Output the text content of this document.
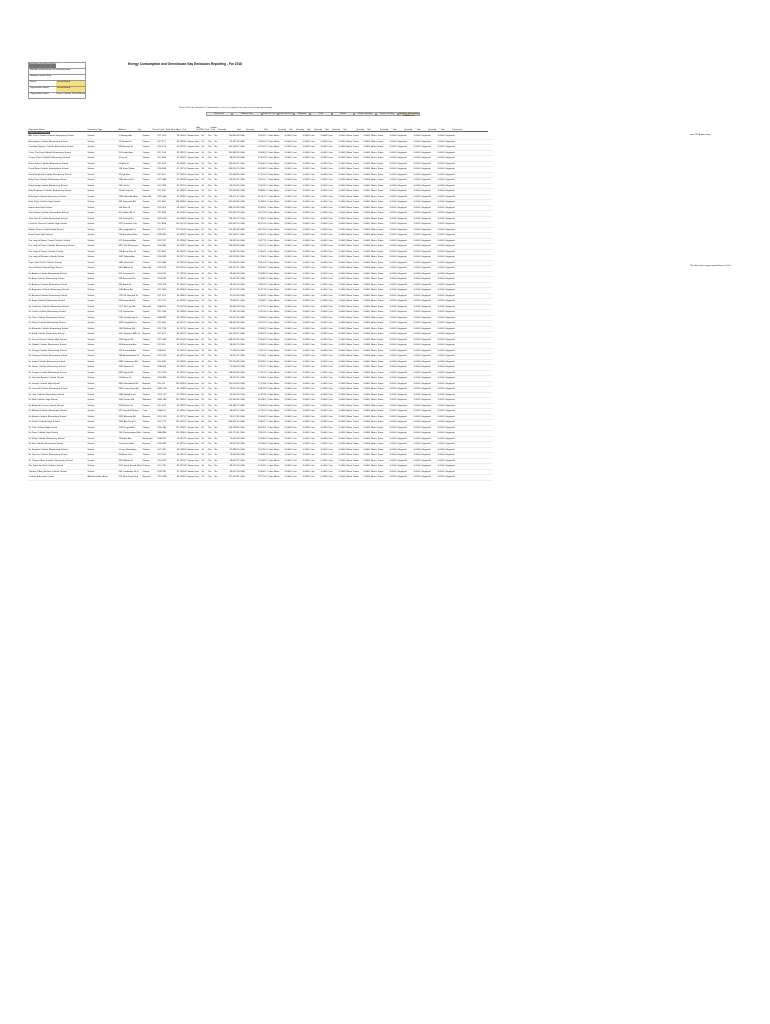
Energy Consumption and Greenhouse Gas Emissions Reporting - For 2018
Data Collection period ending 2018
Identifier entered here: for checking email
Building (Grand Total)
Sector	School Board
Organization Name	School Board
Organization Name	Ottawa Catholic School Board
Please fill in the worksheet. If information is not in as asked or left, please enter appropriate data.
Electricity	Natural Gas	Fuel Oil 1 & 2	Fuel Oil 4 & 6	Propane	Coal	Wood	District Heating	District Cooling	Building Information (additional)
Operation Name	Operation Type	Address	City	Postal Code	Total Floor Area	Unit	Avg Hrs/Wk	Pool	Indoor Pool	Quantity	Unit	Quantity	Unit	Quantity	Unit	Quantity	Unit	Quantity	Unit	Quantity	Unit	Quantity	Unit	Quantity	Unit	Quantity	Unit	Quantity	Unit	Comments
Ottawa School Board
Alta Vista / Ottawa Catholic Elementary School	School	1 Glenayr Ave	Ottawa	K1T 1K3	38 1982.5	Square feet	50	No	No	130,834.08	kWh	19,452.7	Cubic Metre	0.0000	Litre	0.0000	Litre	0.0000	Litre	0.0000	Metric Tonne	0.0000	Metric Tonne	0.0000	Gigajoule	0.0000	Gigajoule	0.0000	Gigajoule	
Assumption Catholic Elementary School	School	13 Stewart Dr	Ottawa	K1T 3T1	36 1983.0	Square feet	50	No	No	92,432.58	kWh	13,641.2	Cubic Metre	0.0000	Litre	0.0000	Litre	0.0000	Litre	0.0000	Metric Tonne	0.0000	Metric Tonne	0.0000	Gigajoule	0.0000	Gigajoule	0.0000	Gigajoule	
Canadian Martyrs Catholic Elementary School	School	93 Marengo St	Ottawa	K1S 1V3	42 1979.5	Square feet	50	No	No	141,206.27	kWh	22,118.5	Cubic Metre	0.0000	Litre	0.0000	Litre	0.0000	Litre	0.0000	Metric Tonne	0.0000	Metric Tonne	0.0000	Gigajoule	0.0000	Gigajoule	0.0000	Gigajoule	
Christ The King Catholic Elementary School	School	70 Guilder Ave	Ottawa	K2J 1G4	39 1987.0	Square feet	50	No	No	101,882.49	kWh	16,530.3	Cubic Metre	0.0000	Litre	0.0000	Litre	0.0000	Litre	0.0000	Metric Tonne	0.0000	Metric Tonne	0.0000	Gigajoule	0.0000	Gigajoule	0.0000	Gigajoule	
Corpus Christi Catholic Elementary School	School	9 Ling St	Ottawa	K1L 8N5	32 1984.2	Square feet	50	No	No	88,610.34	kWh	12,907.8	Cubic Metre	0.0000	Litre	0.0000	Litre	0.0000	Litre	0.0000	Metric Tonne	0.0000	Metric Tonne	0.0000	Gigajoule	0.0000	Gigajoule	0.0000	Gigajoule	
Divine Infant Catholic Elementary School	School	6 Hobin St	Ottawa	K2J 5C8	45 1998.1	Square feet	50	No	No	156,420.11	kWh	24,066.0	Cubic Metre	0.0000	Litre	0.0000	Litre	0.0000	Litre	0.0000	Metric Tonne	0.0000	Metric Tonne	0.0000	Gigajoule	0.0000	Gigajoule	0.0000	Gigajoule	
Frank Ryan Catholic Intermediate School	School	128 Saint Urbain	Ottawa	K2E 6B4	61 1971.4	Square feet	55	No	No	264,915.73	kWh	38,740.6	Cubic Metre	0.0000	Litre	0.0000	Litre	0.0000	Litre	0.0000	Metric Tonne	0.0000	Metric Tonne	0.0000	Gigajoule	0.0000	Gigajoule	0.0000	Gigajoule	
Good Shepherd Catholic Elementary School	School	26 Kyle Ave	Ottawa	K2J 4L5	37 1995.6	Square feet	50	No	No	112,548.90	kWh	17,203.4	Cubic Metre	0.0000	Litre	0.0000	Litre	0.0000	Litre	0.0000	Metric Tonne	0.0000	Metric Tonne	0.0000	Gigajoule	0.0000	Gigajoule	0.0000	Gigajoule	
Holy Cross Catholic Elementary School	School	1485 Heron Rd	Ottawa	K1V 6A6	40 1969.8	Square feet	50	No	No	119,332.02	kWh	20,511.7	Cubic Metre	0.0000	Litre	0.0000	Litre	0.0000	Litre	0.0000	Metric Tonne	0.0000	Metric Tonne	0.0000	Gigajoule	0.0000	Gigajoule	0.0000	Gigajoule	
Holy Family Catholic Elementary School	School	245 Owl Dr	Ottawa	K1V 9K3	35 1976.3	Square feet	50	No	No	96,214.65	kWh	15,024.9	Cubic Metre	0.0000	Litre	0.0000	Litre	0.0000	Litre	0.0000	Metric Tonne	0.0000	Metric Tonne	0.0000	Gigajoule	0.0000	Gigajoule	0.0000	Gigajoule	
Holy Redeemer Catholic Elementary School	School	75 McCurdy Dr	Kanata	K2L 2Z6	41 1985.9	Square feet	50	No	No	127,903.48	kWh	18,889.3	Cubic Metre	0.0000	Litre	0.0000	Litre	0.0000	Litre	0.0000	Metric Tonne	0.0000	Metric Tonne	0.0000	Gigajoule	0.0000	Gigajoule	0.0000	Gigajoule	
Holy Spirit Catholic Elementary School	School	1383 Stittsville Main	Stittsville	K2S 1A6	43 1989.2	Square feet	50	No	No	133,071.57	kWh	21,357.2	Cubic Metre	0.0000	Litre	0.0000	Litre	0.0000	Litre	0.0000	Metric Tonne	0.0000	Metric Tonne	0.0000	Gigajoule	0.0000	Gigajoule	0.0000	Gigajoule	
Holy Trinity Catholic High School	School	180 Katimavik Rd	Kanata	K2L 4A7	118 1986.5	Square feet	60	No	No	602,445.80	kWh	71,882.4	Cubic Metre	0.0000	Litre	0.0000	Litre	0.0000	Litre	0.0000	Metric Tonne	0.0000	Metric Tonne	0.0000	Gigajoule	0.0000	Gigajoule	0.0000	Gigajoule	
Immaculata High School	School	140 Main St	Ottawa	K1S 5P4	96 1962.7	Square feet	60	No	No	488,120.36	kWh	63,405.1	Cubic Metre	0.0000	Litre	0.0000	Litre	0.0000	Litre	0.0000	Metric Tonne	0.0000	Metric Tonne	0.0000	Gigajoule	0.0000	Gigajoule	0.0000	Gigajoule	
Jean Vanier Catholic Intermediate School	School	40 Cobble Hill Dr	Ottawa	K2J 3R9	58 1992.4	Square feet	55	No	No	231,607.19	kWh	33,170.8	Cubic Metre	0.0000	Litre	0.0000	Litre	0.0000	Litre	0.0000	Metric Tonne	0.0000	Metric Tonne	0.0000	Gigajoule	0.0000	Gigajoule	0.0000	Gigajoule	
John Paul II Catholic Elementary School	School	100 Penfield Dr	Kanata	K2K 1M2	40 1988.0	Square feet	50	No	No	118,746.22	kWh	17,950.5	Cubic Metre	0.0000	Litre	0.0000	Litre	0.0000	Litre	0.0000	Metric Tonne	0.0000	Metric Tonne	0.0000	Gigajoule	0.0000	Gigajoule	0.0000	Gigajoule	
Lester B. Pearson Catholic High School	School	2072 Jasmine Cres	Ottawa	K1J 8M5	124 1974.9	Square feet	60	No	No	655,902.13	kWh	80,214.0	Cubic Metre	0.0000	Litre	0.0000	Litre	0.0000	Litre	0.0000	Metric Tonne	0.0000	Metric Tonne	0.0000	Gigajoule	0.0000	Gigajoule	0.0000	Gigajoule	
Mother Teresa Catholic High School	School	440 Longfields Dr	Nepean	K2J 4T1	121 2004.3	Square feet	60	No	No	701,336.58	kWh	69,741.9	Cubic Metre	0.0000	Litre	0.0000	Litre	0.0000	Litre	0.0000	Metric Tonne	0.0000	Metric Tonne	0.0000	Gigajoule	0.0000	Gigajoule	0.0000	Gigajoule	
Notre Dame High School	School	710 Broadview Ave	Ottawa	K2A 2M2	92 1960.1	Square feet	60	No	No	451,208.77	kWh	58,662.5	Cubic Metre	0.0000	Litre	0.0000	Litre	0.0000	Litre	0.0000	Metric Tonne	0.0000	Metric Tonne	0.0000	Gigajoule	0.0000	Gigajoule	0.0000	Gigajoule	
Our Lady of Mount Carmel Catholic School	School	675 Kirkwood Ave	Ottawa	K1Z 5X7	33 1958.6	Square feet	50	No	No	84,915.40	kWh	14,277.6	Cubic Metre	0.0000	Litre	0.0000	Litre	0.0000	Litre	0.0000	Metric Tonne	0.0000	Metric Tonne	0.0000	Gigajoule	0.0000	Gigajoule	0.0000	Gigajoule	
Our Lady of Peace Catholic Elementary School	School	3877 Old Richmond	Nepean	K2H 5B9	36 1990.7	Square feet	50	No	No	104,558.03	kWh	16,011.2	Cubic Metre	0.0000	Litre	0.0000	Litre	0.0000	Litre	0.0000	Metric Tonne	0.0000	Metric Tonne	0.0000	Gigajoule	0.0000	Gigajoule	0.0000	Gigajoule	
Our Lady of Victory Catholic School	School	150 Berry Glen St	Ottawa	K1J 9K6	34 1981.2	Square feet	50	No	No	90,387.66	kWh	14,802.1	Cubic Metre	0.0000	Litre	0.0000	Litre	0.0000	Litre	0.0000	Metric Tonne	0.0000	Metric Tonne	0.0000	Gigajoule	0.0000	Gigajoule	0.0000	Gigajoule	
Our Lady of Wisdom Catholic School	School	1567 Kilborn Ave	Ottawa	K1H 6M1	38 1977.5	Square feet	50	No	No	108,119.85	kWh	17,336.0	Cubic Metre	0.0000	Litre	0.0000	Litre	0.0000	Litre	0.0000	Metric Tonne	0.0000	Metric Tonne	0.0000	Gigajoule	0.0000	Gigajoule	0.0000	Gigajoule	
Pope John Paul II Catholic School	School	1495 Heron Rd	Ottawa	K1V 6A6	41 1970.8	Square feet	50	No	No	121,664.30	kWh	19,422.8	Cubic Metre	0.0000	Litre	0.0000	Litre	0.0000	Litre	0.0000	Metric Tonne	0.0000	Metric Tonne	0.0000	Gigajoule	0.0000	Gigajoule	0.0000	Gigajoule	
Sacred Heart Catholic High School	School	5870 Abbott St	Stittsville	K2S 1X4	110 2001.6	Square feet	60	No	No	583,227.41	kWh	66,903.7	Cubic Metre	0.0000	Litre	0.0000	Litre	0.0000	Litre	0.0000	Metric Tonne	0.0000	Metric Tonne	0.0000	Gigajoule	0.0000	Gigajoule	0.0000	Gigajoule	
St. Andrew Catholic Elementary School	School	201 Crestway Dr	Ottawa	K2G 6Z3	37 1983.9	Square feet	50	No	No	99,640.18	kWh	15,588.4	Cubic Metre	0.0000	Litre	0.0000	Litre	0.0000	Litre	0.0000	Metric Tonne	0.0000	Metric Tonne	0.0000	Gigajoule	0.0000	Gigajoule	0.0000	Gigajoule	
St. Anne Catholic Elementary School	School	235 Beausoleil Dr	Ottawa	K1N 8X6	29 1967.1	Square feet	50	No	No	76,322.97	kWh	12,640.3	Cubic Metre	0.0000	Litre	0.0000	Litre	0.0000	Litre	0.0000	Metric Tonne	0.0000	Metric Tonne	0.0000	Gigajoule	0.0000	Gigajoule	0.0000	Gigajoule	
St. Anthony Catholic Elementary School	School	391 Booth St	Ottawa	K1R 7K5	31 1964.4	Square feet	50	No	No	80,155.24	kWh	13,901.6	Cubic Metre	0.0000	Litre	0.0000	Litre	0.0000	Litre	0.0000	Metric Tonne	0.0000	Metric Tonne	0.0000	Gigajoule	0.0000	Gigajoule	0.0000	Gigajoule	
St. Augustine Catholic Elementary School	School	1009 Arnot Rd	Ottawa	K2C 0H5	35 1966.9	Square feet	50	No	No	93,770.52	kWh	15,217.9	Cubic Metre	0.0000	Litre	0.0000	Litre	0.0000	Litre	0.0000	Metric Tonne	0.0000	Metric Tonne	0.0000	Gigajoule	0.0000	Gigajoule	0.0000	Gigajoule	
St. Bernard Catholic Elementary School	School	1722 St. Bernard St	Ottawa	K1T 3Y3	36 1980.3	Square feet	50	No	No	97,014.66	kWh	15,803.2	Cubic Metre	0.0000	Litre	0.0000	Litre	0.0000	Litre	0.0000	Metric Tonne	0.0000	Metric Tonne	0.0000	Gigajoule	0.0000	Gigajoule	0.0000	Gigajoule	
St. Brigid Catholic Elementary School	School	43 Harmer Ave N	Ottawa	K1Y 0T4	30 1959.2	Square feet	50	No	No	78,602.11	kWh	13,384.7	Cubic Metre	0.0000	Litre	0.0000	Litre	0.0000	Litre	0.0000	Metric Tonne	0.0000	Metric Tonne	0.0000	Gigajoule	0.0000	Gigajoule	0.0000	Gigajoule	
St. Catherine Catholic Elementary School	School	2717 8th Line Rd	Metcalfe	K0A 2P0	26 1975.8	Square feet	50	No	No	64,883.39	kWh	10,775.3	Cubic Metre	0.0000	Litre	0.0000	Litre	0.0000	Litre	0.0000	Metric Tonne	0.0000	Metric Tonne	0.0000	Gigajoule	0.0000	Gigajoule	0.0000	Gigajoule	
St. Cecilia Catholic Elementary School	School	275 Devonshire	Ottawa	K2C 2E6	33 1968.6	Square feet	50	No	No	87,441.08	kWh	14,119.0	Cubic Metre	0.0000	Litre	0.0000	Litre	0.0000	Litre	0.0000	Metric Tonne	0.0000	Metric Tonne	0.0000	Gigajoule	0.0000	Gigajoule	0.0000	Gigajoule	
St. Clare Catholic Elementary School	School	2133 Gardenway Dr	Orleans	K4A 3M2	39 1993.4	Square feet	50	No	No	110,207.55	kWh	16,884.6	Cubic Metre	0.0000	Litre	0.0000	Litre	0.0000	Litre	0.0000	Metric Tonne	0.0000	Metric Tonne	0.0000	Gigajoule	0.0000	Gigajoule	0.0000	Gigajoule	
St. Daniel Catholic Elementary School	School	1099 Longfields Dr	Nepean	K2J 0K8	42 2007.2	Square feet	50	No	No	138,552.90	kWh	19,011.8	Cubic Metre	0.0000	Litre	0.0000	Litre	0.0000	Litre	0.0000	Metric Tonne	0.0000	Metric Tonne	0.0000	Gigajoule	0.0000	Gigajoule	0.0000	Gigajoule	
St. Elizabeth Catholic Elementary School	School	1303 Fellows Rd	Ottawa	K2C 2V8	34 1973.5	Square feet	50	No	No	91,046.37	kWh	14,662.2	Cubic Metre	0.0000	Litre	0.0000	Litre	0.0000	Litre	0.0000	Metric Tonne	0.0000	Metric Tonne	0.0000	Gigajoule	0.0000	Gigajoule	0.0000	Gigajoule	
St. Emily Catholic Elementary School	School	500 Chapman Mills Dr	Nepean	K2J 0J3	44 2003.7	Square feet	50	No	No	145,739.12	kWh	20,307.5	Cubic Metre	0.0000	Litre	0.0000	Litre	0.0000	Litre	0.0000	Metric Tonne	0.0000	Metric Tonne	0.0000	Gigajoule	0.0000	Gigajoule	0.0000	Gigajoule	
St. Francis Xavier Catholic High School	School	3740 Spratt Rd	Ottawa	K1V 2M1	128 2004.9	Square feet	60	No	No	688,914.26	kWh	74,558.3	Cubic Metre	0.0000	Litre	0.0000	Litre	0.0000	Litre	0.0000	Metric Tonne	0.0000	Metric Tonne	0.0000	Gigajoule	0.0000	Gigajoule	0.0000	Gigajoule	
St. Gabriel Catholic Elementary School	School	39 Montavista Ave	Ottawa	K2J 4L5	33 1978.0	Square feet	50	No	No	86,302.74	kWh	13,950.9	Cubic Metre	0.0000	Litre	0.0000	Litre	0.0000	Litre	0.0000	Metric Tonne	0.0000	Metric Tonne	0.0000	Gigajoule	0.0000	Gigajoule	0.0000	Gigajoule	
St. George Catholic Elementary School	School	310 Kenwood Ave	Ottawa	K2A 0L6	30 1955.3	Square feet	50	No	No	77,928.44	kWh	13,112.4	Cubic Metre	0.0000	Litre	0.0000	Litre	0.0000	Litre	0.0000	Metric Tonne	0.0000	Metric Tonne	0.0000	Gigajoule	0.0000	Gigajoule	0.0000	Gigajoule	
St. Gregory Catholic Elementary School	School	148 Meadowlands Dr	Nepean	K2G 2S5	35 1972.6	Square feet	50	No	No	94,511.07	kWh	15,306.1	Cubic Metre	0.0000	Litre	0.0000	Litre	0.0000	Litre	0.0000	Metric Tonne	0.0000	Metric Tonne	0.0000	Gigajoule	0.0000	Gigajoule	0.0000	Gigajoule	
St. Isabel Catholic Elementary School	School	2880 Cedarview Rd	Nepean	K2J 4X8	40 1999.1	Square feet	50	No	No	122,740.89	kWh	18,205.3	Cubic Metre	0.0000	Litre	0.0000	Litre	0.0000	Litre	0.0000	Metric Tonne	0.0000	Metric Tonne	0.0000	Gigajoule	0.0000	Gigajoule	0.0000	Gigajoule	
St. James Catholic Elementary School	School	1035 Rowan St	Ottawa	K2A 0X4	28 1962.2	Square feet	50	No	No	72,166.18	kWh	12,287.7	Cubic Metre	0.0000	Litre	0.0000	Litre	0.0000	Litre	0.0000	Metric Tonne	0.0000	Metric Tonne	0.0000	Gigajoule	0.0000	Gigajoule	0.0000	Gigajoule	
St. Jerome Catholic Elementary School	School	4330 Spratt Rd	Ottawa	K1V 1W1	41 2010.5	Square feet	50	No	No	128,095.66	kWh	17,611.0	Cubic Metre	0.0000	Litre	0.0000	Litre	0.0000	Litre	0.0000	Metric Tonne	0.0000	Metric Tonne	0.0000	Gigajoule	0.0000	Gigajoule	0.0000	Gigajoule	
St. John the Apostle Catholic School	School	2 Bellevue Dr	Nepean	K2H 6B9	36 1976.9	Square feet	50	No	No	98,732.21	kWh	15,940.5	Cubic Metre	0.0000	Litre	0.0000	Litre	0.0000	Litre	0.0000	Metric Tonne	0.0000	Metric Tonne	0.0000	Gigajoule	0.0000	Gigajoule	0.0000	Gigajoule	
St. Joseph Catholic High School	School	3333 Greenbank Rd	Nepean	K2J 4J1	135 2009.0	Square feet	60	No	No	742,518.33	kWh	77,203.6	Cubic Metre	0.0000	Litre	0.0000	Litre	0.0000	Litre	0.0000	Metric Tonne	0.0000	Metric Tonne	0.0000	Gigajoule	0.0000	Gigajoule	0.0000	Gigajoule	
St. Leonard Catholic Elementary School	School	5344 Long Island Rd	Manotick	K4M 1G5	34 1988.8	Square feet	50	No	No	92,007.40	kWh	14,833.9	Cubic Metre	0.0000	Litre	0.0000	Litre	0.0000	Litre	0.0000	Metric Tonne	0.0000	Metric Tonne	0.0000	Gigajoule	0.0000	Gigajoule	0.0000	Gigajoule	
St. Luke Catholic Elementary School	School	2485 Dwight Cres	Ottawa	K1G 1C7	31 1969.3	Square feet	50	No	No	81,259.63	kWh	13,524.6	Cubic Metre	0.0000	Litre	0.0000	Litre	0.0000	Litre	0.0000	Metric Tonne	0.0000	Metric Tonne	0.0000	Gigajoule	0.0000	Gigajoule	0.0000	Gigajoule	
St. Mark Catholic High School	School	1040 Dozois Rd	Manotick	K4M 1B2	102 1985.2	Square feet	60	No	No	512,344.95	kWh	61,090.2	Cubic Metre	0.0000	Litre	0.0000	Litre	0.0000	Litre	0.0000	Metric Tonne	0.0000	Metric Tonne	0.0000	Gigajoule	0.0000	Gigajoule	0.0000	Gigajoule	
St. Martin de Porres Catholic School	School	20 McKitrick Dr	Kanata	K2L 1H7	37 1987.6	Square feet	50	No	No	104,983.72	kWh	16,449.8	Cubic Metre	0.0000	Litre	0.0000	Litre	0.0000	Litre	0.0000	Metric Tonne	0.0000	Metric Tonne	0.0000	Gigajoule	0.0000	Gigajoule	0.0000	Gigajoule	
St. Michael Catholic Elementary School	School	437 Donald B Munro	Carp	K0A 1L0	27 1966.4	Square feet	50	No	No	68,405.17	kWh	11,301.4	Cubic Metre	0.0000	Litre	0.0000	Litre	0.0000	Litre	0.0000	Metric Tonne	0.0000	Metric Tonne	0.0000	Gigajoule	0.0000	Gigajoule	0.0000	Gigajoule	
St. Monica Catholic Elementary School	School	2095 Merivale Rd	Nepean	K2G 1G2	35 1971.7	Square feet	50	No	No	93,117.80	kWh	15,054.3	Cubic Metre	0.0000	Litre	0.0000	Litre	0.0000	Litre	0.0000	Metric Tonne	0.0000	Metric Tonne	0.0000	Gigajoule	0.0000	Gigajoule	0.0000	Gigajoule	
St. Patrick Catholic High School	School	2525 Alta Vista Dr	Ottawa	K1V 7T3	115 1967.3	Square feet	60	No	No	598,631.06	kWh	70,812.7	Cubic Metre	0.0000	Litre	0.0000	Litre	0.0000	Litre	0.0000	Metric Tonne	0.0000	Metric Tonne	0.0000	Gigajoule	0.0000	Gigajoule	0.0000	Gigajoule	
St. Paul Catholic High School	School	2675 Draper Ave	Ottawa	K2H 7A1	112 1968.1	Square feet	60	No	No	574,208.44	kWh	68,330.1	Cubic Metre	0.0000	Litre	0.0000	Litre	0.0000	Litre	0.0000	Metric Tonne	0.0000	Metric Tonne	0.0000	Gigajoule	0.0000	Gigajoule	0.0000	Gigajoule	
St. Peter Catholic High School	School	750 Charlemagne Blvd	Orleans	K4A 3M4	126 1990.6	Square feet	60	No	No	663,775.91	kWh	73,401.5	Cubic Metre	0.0000	Litre	0.0000	Litre	0.0000	Litre	0.0000	Metric Tonne	0.0000	Metric Tonne	0.0000	Gigajoule	0.0000	Gigajoule	0.0000	Gigajoule	
St. Philip Catholic Elementary School	School	79 Maple Ave	Richmond	K0A 2Z0	29 1974.2	Square feet	50	No	No	75,040.28	kWh	12,508.0	Cubic Metre	0.0000	Litre	0.0000	Litre	0.0000	Litre	0.0000	Metric Tonne	0.0000	Metric Tonne	0.0000	Gigajoule	0.0000	Gigajoule	0.0000	Gigajoule	
St. Rita Catholic Elementary School	School	1 Inverness Ave	Nepean	K2E 6N6	32 1975.0	Square feet	50	No	No	85,519.93	kWh	14,046.8	Cubic Metre	0.0000	Litre	0.0000	Litre	0.0000	Litre	0.0000	Metric Tonne	0.0000	Metric Tonne	0.0000	Gigajoule	0.0000	Gigajoule	0.0000	Gigajoule	
St. Stephen Catholic Elementary School	School	1 Lorry Greenberg	Ottawa	K1T 3J6	36 1982.8	Square feet	50	No	No	97,886.15	kWh	15,720.4	Cubic Metre	0.0000	Litre	0.0000	Litre	0.0000	Litre	0.0000	Metric Tonne	0.0000	Metric Tonne	0.0000	Gigajoule	0.0000	Gigajoule	0.0000	Gigajoule	
St. Theresa Catholic Elementary School	School	95 Arthur Cres	Ottawa	K1V 0J2	30 1961.5	Square feet	50	No	No	79,334.58	kWh	13,288.3	Cubic Metre	0.0000	Litre	0.0000	Litre	0.0000	Litre	0.0000	Metric Tonne	0.0000	Metric Tonne	0.0000	Gigajoule	0.0000	Gigajoule	0.0000	Gigajoule	
St. Thomas More Catholic Elementary School	School	1620 Blohm Dr	Ottawa	K1G 5N7	34 1979.7	Square feet	50	No	No	90,903.27	kWh	14,589.5	Cubic Metre	0.0000	Litre	0.0000	Litre	0.0000	Litre	0.0000	Metric Tonne	0.0000	Metric Tonne	0.0000	Gigajoule	0.0000	Gigajoule	0.0000	Gigajoule	
Sts. Peter and Paul Catholic School	School	1515 Saint Joseph Blvd	Orleans	K1C 7J5	33 1973.8	Square feet	50	No	No	88,176.02	kWh	14,203.7	Cubic Metre	0.0000	Litre	0.0000	Litre	0.0000	Litre	0.0000	Metric Tonne	0.0000	Metric Tonne	0.0000	Gigajoule	0.0000	Gigajoule	0.0000	Gigajoule	
Thomas D'Arcy McGee Catholic School	School	260 Cambridge St N	Ottawa	K1R 7B1	31 1963.9	Square feet	50	No	No	82,617.49	kWh	13,660.2	Cubic Metre	0.0000	Litre	0.0000	Litre	0.0000	Litre	0.0000	Metric Tonne	0.0000	Metric Tonne	0.0000	Gigajoule	0.0000	Gigajoule	0.0000	Gigajoule	
Catholic Education Centre	Administrative offices	570 West Hunt Club	Nepean	K2G 3R4	48 1990.0	Square feet	45	No	No	211,402.81	kWh	22,715.6	Cubic Metre	0.0000	Litre	0.0000	Litre	0.0000	Litre	0.0000	Metric Tonne	0.0000	Metric Tonne	0.0000	Gigajoule	0.0000	Gigajoule	0.0000	Gigajoule	
new: 2018 data entry
The electricity usage reported here is 0% o
